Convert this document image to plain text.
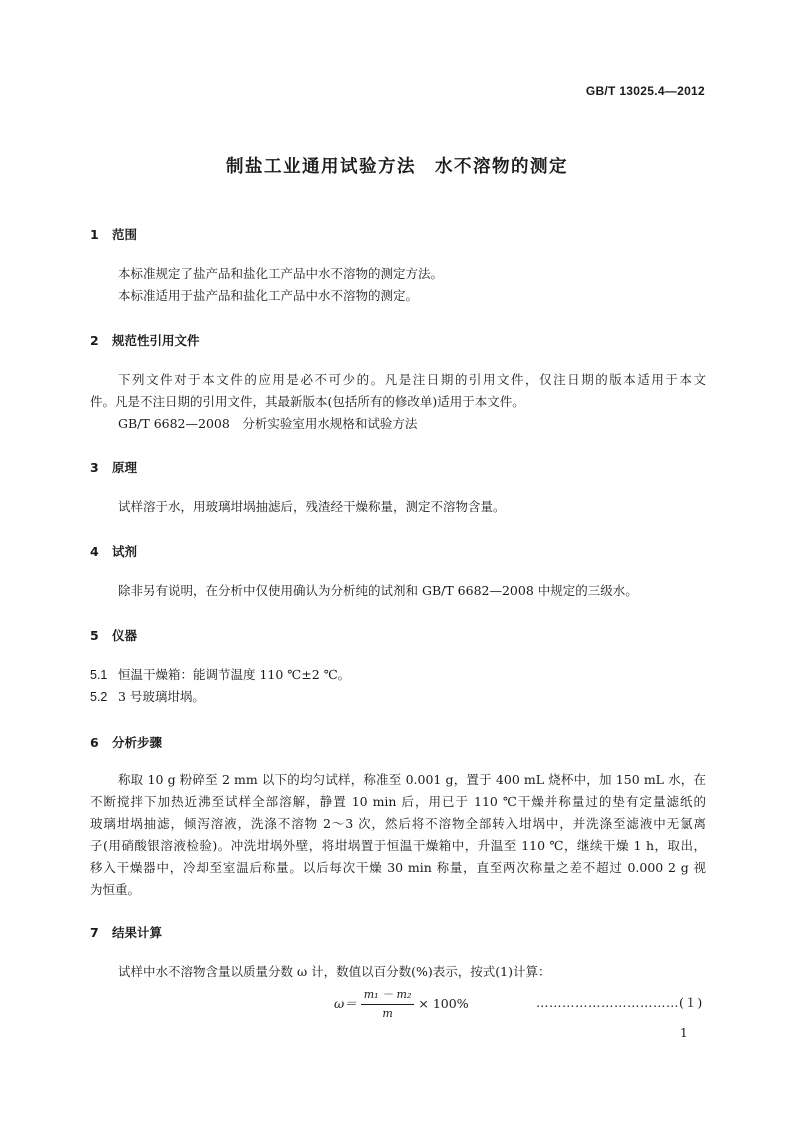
GB/T 13025.4—2012
制盐工业通用试验方法　水不溶物的测定
1 范围
本标准规定了盐产品和盐化工产品中水不溶物的测定方法。
本标准适用于盐产品和盐化工产品中水不溶物的测定。
2 规范性引用文件
下列文件对于本文件的应用是必不可少的。凡是注日期的引用文件，仅注日期的版本适用于本文
件。凡是不注日期的引用文件，其最新版本(包括所有的修改单)适用于本文件。
GB/T 6682—2008　分析实验室用水规格和试验方法
3 原理
试样溶于水，用玻璃坩埚抽滤后，残渣经干燥称量，测定不溶物含量。
4 试剂
除非另有说明，在分析中仅使用确认为分析纯的试剂和 GB/T 6682—2008 中规定的三级水。
5 仪器
5.1 恒温干燥箱：能调节温度 110 ℃±2 ℃。
5.2 3 号玻璃坩埚。
6 分析步骤
称取 10 g 粉碎至 2 mm 以下的均匀试样，称准至 0.001 g，置于 400 mL 烧杯中，加 150 mL 水，在
不断搅拌下加热近沸至试样全部溶解，静置 10 min 后，用已于 110 ℃干燥并称量过的垫有定量滤纸的
玻璃坩埚抽滤，倾泻溶液，洗涤不溶物 2～3 次，然后将不溶物全部转入坩埚中，并洗涤至滤液中无氯离
子(用硝酸银溶液检验)。冲洗坩埚外壁，将坩埚置于恒温干燥箱中，升温至 110 ℃，继续干燥 1 h，取出，
移入干燥器中，冷却至室温后称量。以后每次干燥 30 min 称量，直至两次称量之差不超过 0.000 2 g 视
为恒重。
7 结果计算
试样中水不溶物含量以质量分数 ω 计，数值以百分数(%)表示，按式(1)计算：
$\omega= \frac{\text{m₁ － m₂}}{m} \times 100\%$	……………………………(１)
1
